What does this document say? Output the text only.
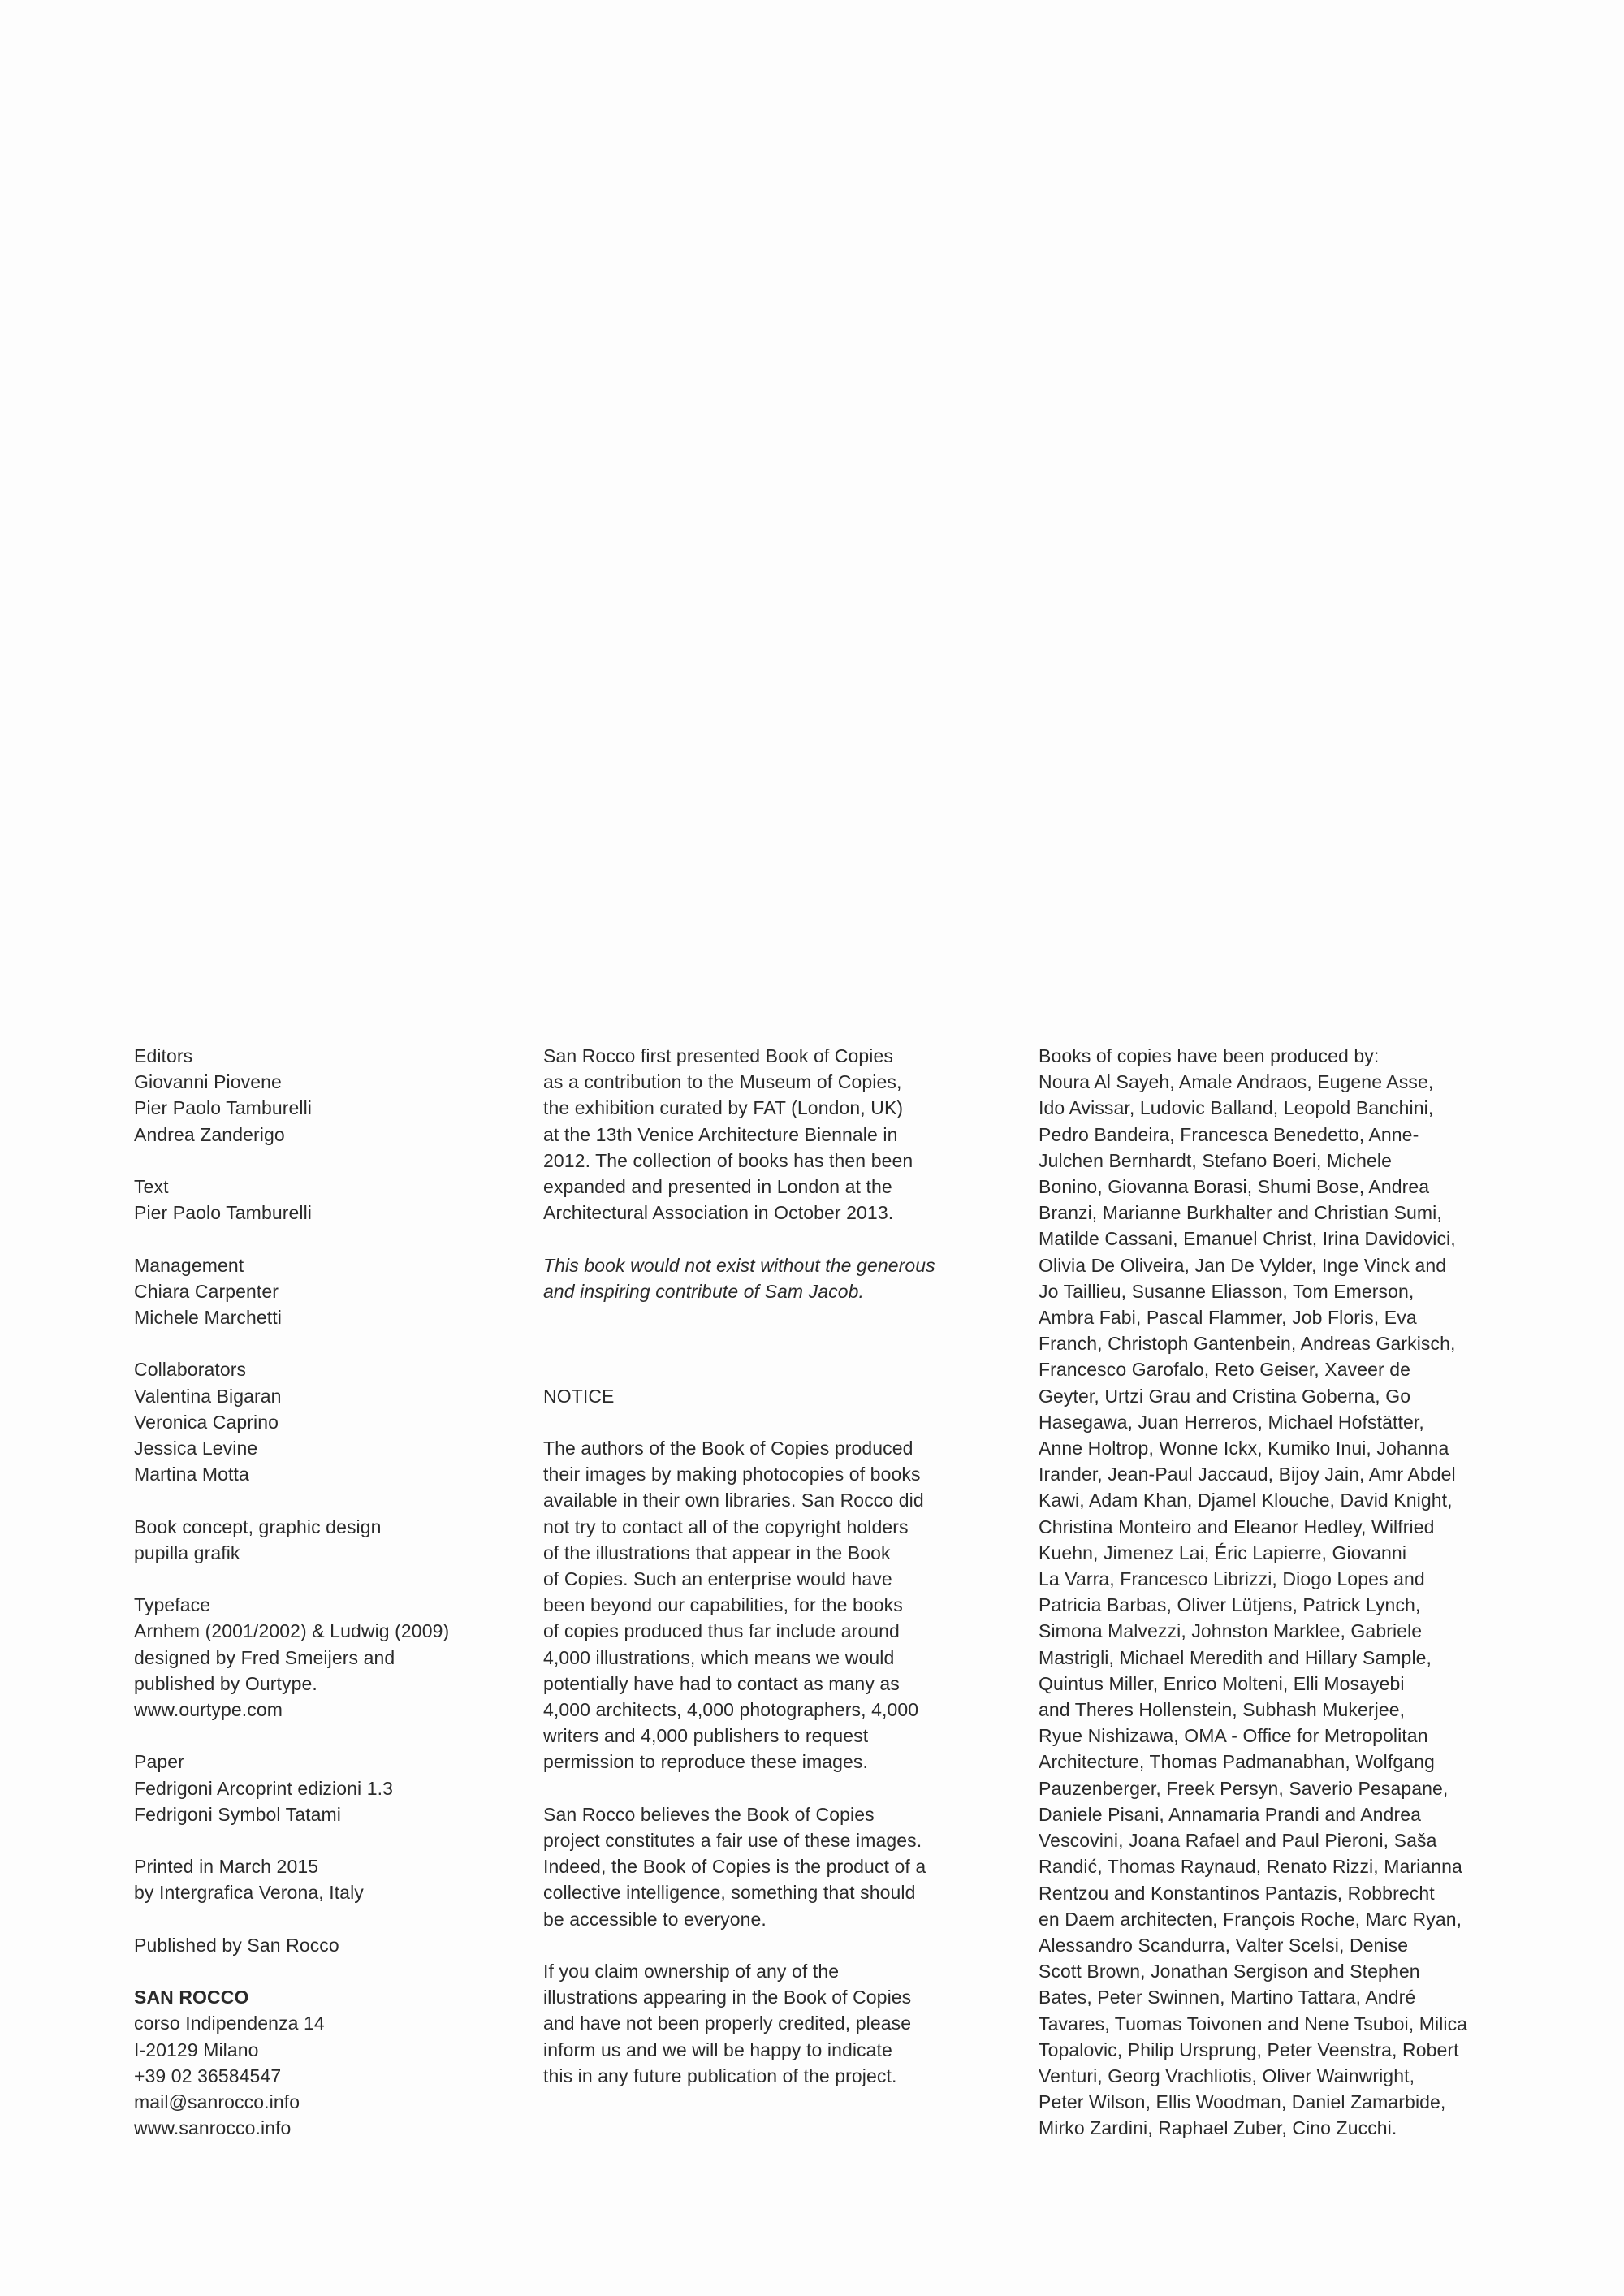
Editors
Giovanni Piovene
Pier Paolo Tamburelli
Andrea Zanderigo
Text
Pier Paolo Tamburelli
Management
Chiara Carpenter
Michele Marchetti
Collaborators
Valentina Bigaran
Veronica Caprino
Jessica Levine
Martina Motta
Book concept, graphic design
pupilla grafik
Typeface
Arnhem (2001/2002) & Ludwig (2009)
designed by Fred Smeijers and
published by Ourtype.
www.ourtype.com
Paper
Fedrigoni Arcoprint edizioni 1.3
Fedrigoni Symbol Tatami
Printed in March 2015
by Intergrafica Verona, Italy
Published by San Rocco
SAN ROCCO
corso Indipendenza 14
I-20129 Milano
+39 02 36584547
mail@sanrocco.info
www.sanrocco.info
San Rocco first presented Book of Copies
as a contribution to the Museum of Copies,
the exhibition curated by FAT (London, UK)
at the 13th Venice Architecture Biennale in
2012. The collection of books has then been
expanded and presented in London at the
Architectural Association in October 2013.
This book would not exist without the generous
and inspiring contribute of Sam Jacob.
NOTICE
The authors of the Book of Copies produced
their images by making photocopies of books
available in their own libraries. San Rocco did
not try to contact all of the copyright holders
of the illustrations that appear in the Book
of Copies. Such an enterprise would have
been beyond our capabilities, for the books
of copies produced thus far include around
4,000 illustrations, which means we would
potentially have had to contact as many as
4,000 architects, 4,000 photographers, 4,000
writers and 4,000 publishers to request
permission to reproduce these images.
San Rocco believes the Book of Copies
project constitutes a fair use of these images.
Indeed, the Book of Copies is the product of a
collective intelligence, something that should
be accessible to everyone.
If you claim ownership of any of the
illustrations appearing in the Book of Copies
and have not been properly credited, please
inform us and we will be happy to indicate
this in any future publication of the project.
Books of copies have been produced by:
Noura Al Sayeh, Amale Andraos, Eugene Asse,
Ido Avissar, Ludovic Balland, Leopold Banchini,
Pedro Bandeira, Francesca Benedetto, Anne-
Julchen Bernhardt, Stefano Boeri, Michele
Bonino, Giovanna Borasi, Shumi Bose, Andrea
Branzi, Marianne Burkhalter and Christian Sumi,
Matilde Cassani, Emanuel Christ, Irina Davidovici,
Olivia De Oliveira, Jan De Vylder, Inge Vinck and
Jo Taillieu, Susanne Eliasson, Tom Emerson,
Ambra Fabi, Pascal Flammer, Job Floris, Eva
Franch, Christoph Gantenbein, Andreas Garkisch,
Francesco Garofalo, Reto Geiser, Xaveer de
Geyter, Urtzi Grau and Cristina Goberna, Go
Hasegawa, Juan Herreros, Michael Hofstätter,
Anne Holtrop, Wonne Ickx, Kumiko Inui, Johanna
Irander, Jean-Paul Jaccaud, Bijoy Jain, Amr Abdel
Kawi, Adam Khan, Djamel Klouche, David Knight,
Christina Monteiro and Eleanor Hedley, Wilfried
Kuehn, Jimenez Lai, Éric Lapierre, Giovanni
La Varra, Francesco Librizzi, Diogo Lopes and
Patricia Barbas, Oliver Lütjens, Patrick Lynch,
Simona Malvezzi, Johnston Marklee, Gabriele
Mastrigli, Michael Meredith and Hillary Sample,
Quintus Miller, Enrico Molteni, Elli Mosayebi
and Theres Hollenstein, Subhash Mukerjee,
Ryue Nishizawa, OMA - Office for Metropolitan
Architecture, Thomas Padmanabhan, Wolfgang
Pauzenberger, Freek Persyn, Saverio Pesapane,
Daniele Pisani, Annamaria Prandi and Andrea
Vescovini, Joana Rafael and Paul Pieroni, Saša
Randić, Thomas Raynaud, Renato Rizzi, Marianna
Rentzou and Konstantinos Pantazis, Robbrecht
en Daem architecten, François Roche, Marc Ryan,
Alessandro Scandurra, Valter Scelsi, Denise
Scott Brown, Jonathan Sergison and Stephen
Bates, Peter Swinnen, Martino Tattara, André
Tavares, Tuomas Toivonen and Nene Tsuboi, Milica
Topalovic, Philip Ursprung, Peter Veenstra, Robert
Venturi, Georg Vrachliotis, Oliver Wainwright,
Peter Wilson, Ellis Woodman, Daniel Zamarbide,
Mirko Zardini, Raphael Zuber, Cino Zucchi.
